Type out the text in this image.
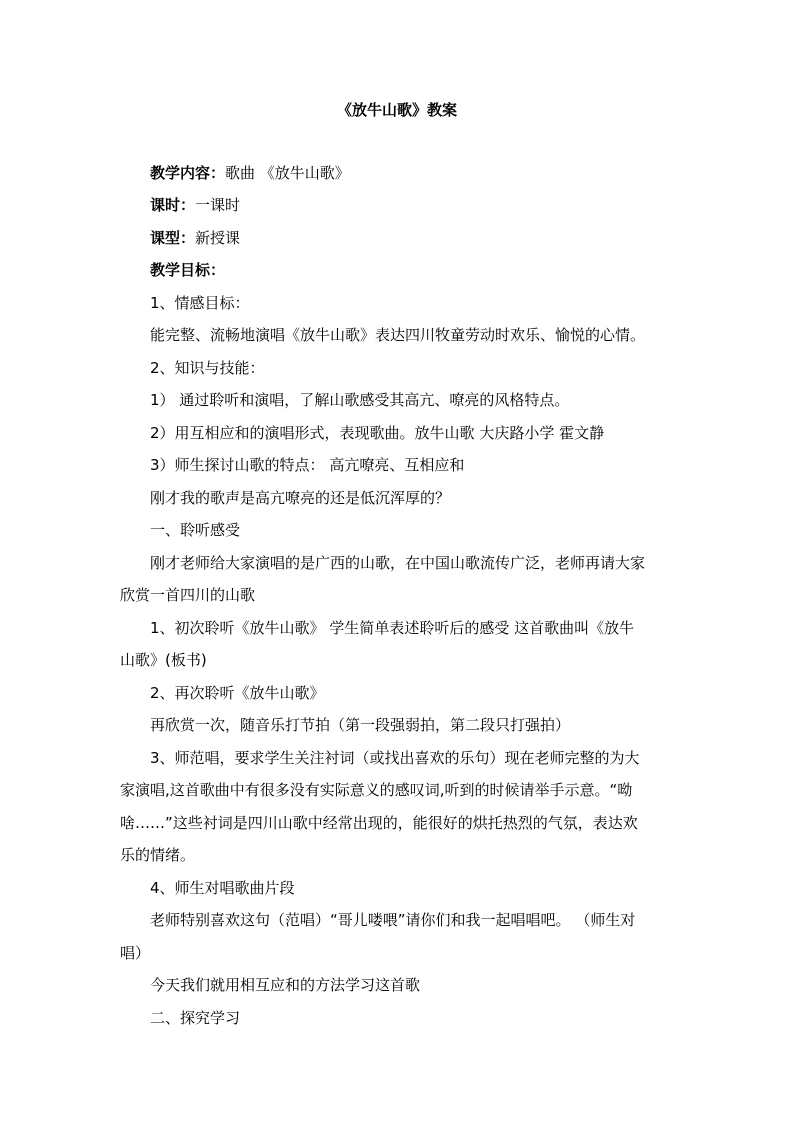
《放牛山歌》教案
教学内容：歌曲 《放牛山歌》
课时：一课时
课型：新授课
教学目标：
1、情感目标：
能完整、流畅地演唱《放牛山歌》表达四川牧童劳动时欢乐、愉悦的心情。
2、知识与技能：
1） 通过聆听和演唱，了解山歌感受其高亢、嘹亮的风格特点。
2）用互相应和的演唱形式，表现歌曲。放牛山歌 大庆路小学 霍文静
3）师生探讨山歌的特点： 高亢嘹亮、互相应和
刚才我的歌声是高亢嘹亮的还是低沉浑厚的？
一、聆听感受
刚才老师给大家演唱的是广西的山歌，在中国山歌流传广泛，老师再请大家
欣赏一首四川的山歌
1、初次聆听《放牛山歌》 学生简单表述聆听后的感受 这首歌曲叫《放牛
山歌》(板书)
2、再次聆听《放牛山歌》
再欣赏一次，随音乐打节拍（第一段强弱拍，第二段只打强拍）
3、师范唱，要求学生关注衬词（或找出喜欢的乐句）现在老师完整的为大
家演唱,这首歌曲中有很多没有实际意义的感叹词,听到的时候请举手示意。“呦
啥……”这些衬词是四川山歌中经常出现的，能很好的烘托热烈的气氛，表达欢
乐的情绪。
4、师生对唱歌曲片段
老师特别喜欢这句（范唱）“哥儿喽喂”请你们和我一起唱唱吧。 （师生对
唱）
今天我们就用相互应和的方法学习这首歌
二、探究学习
